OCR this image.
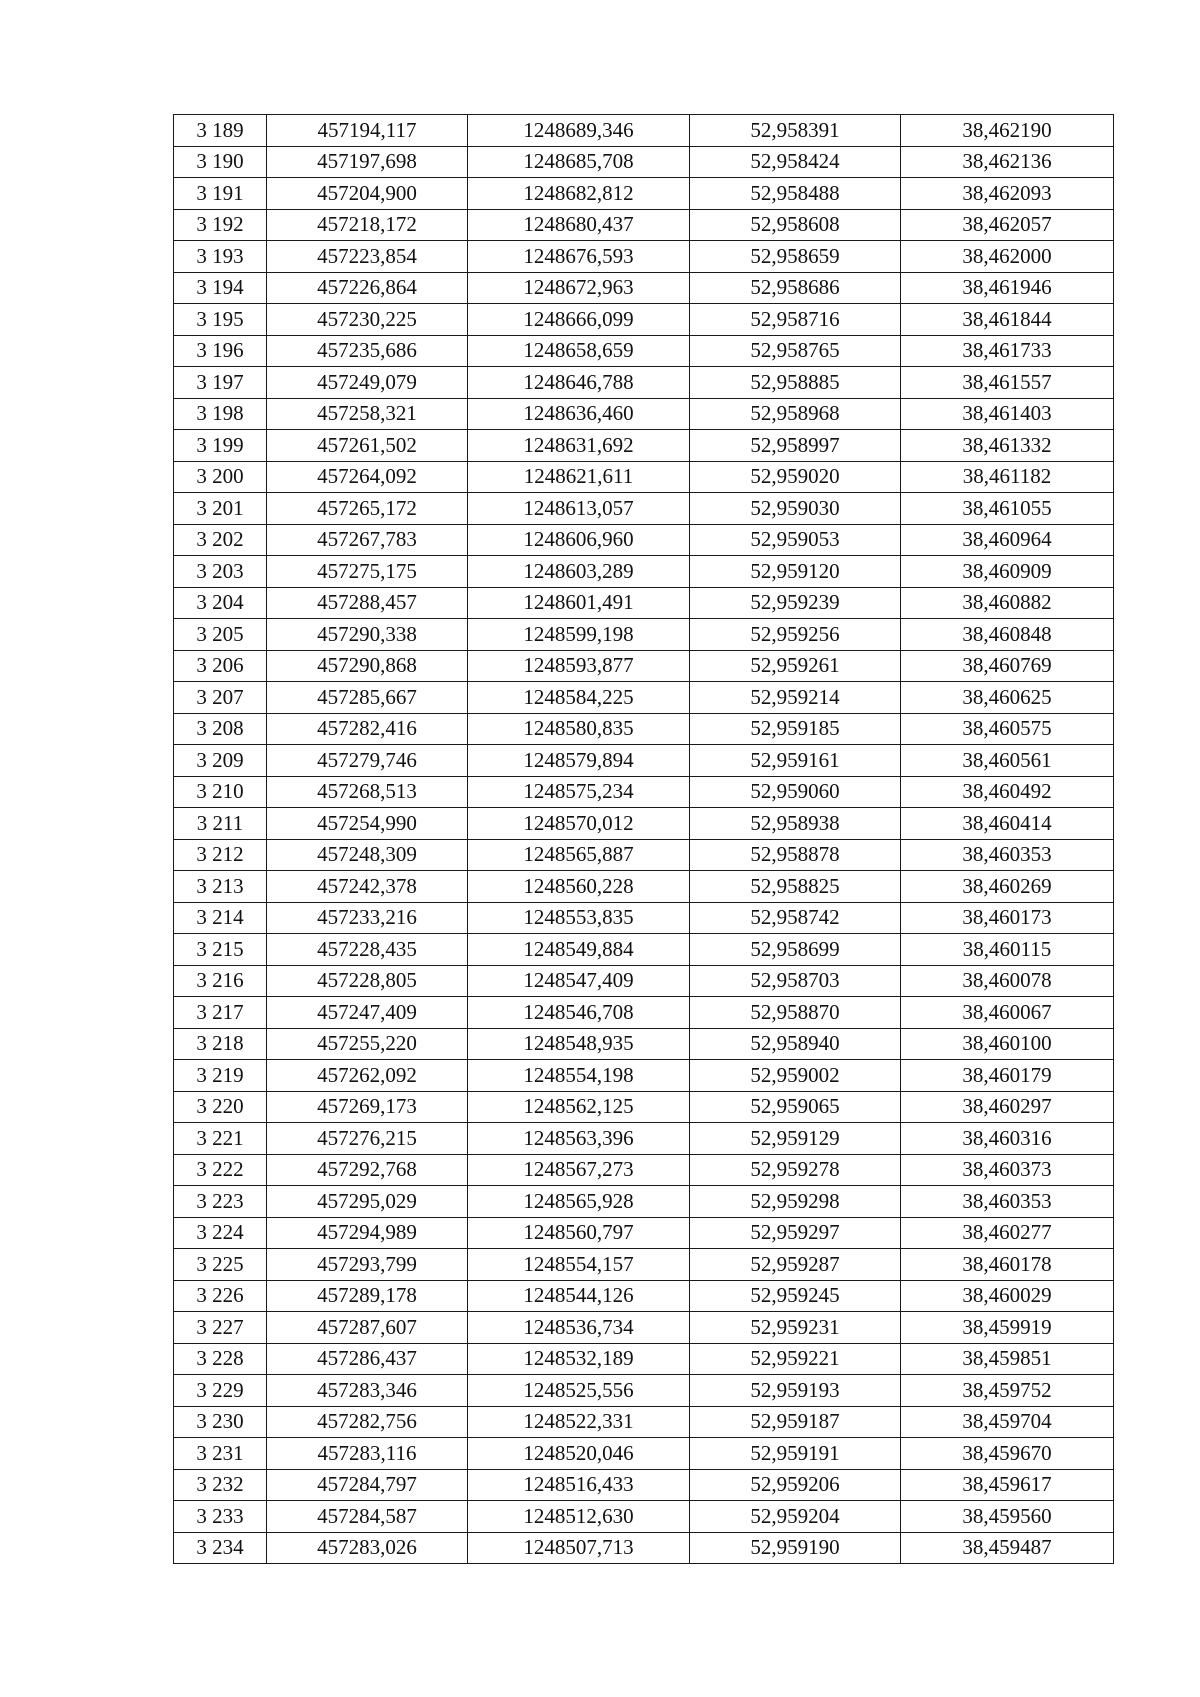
3 189	457194,117	1248689,346	52,958391	38,462190
3 190	457197,698	1248685,708	52,958424	38,462136
3 191	457204,900	1248682,812	52,958488	38,462093
3 192	457218,172	1248680,437	52,958608	38,462057
3 193	457223,854	1248676,593	52,958659	38,462000
3 194	457226,864	1248672,963	52,958686	38,461946
3 195	457230,225	1248666,099	52,958716	38,461844
3 196	457235,686	1248658,659	52,958765	38,461733
3 197	457249,079	1248646,788	52,958885	38,461557
3 198	457258,321	1248636,460	52,958968	38,461403
3 199	457261,502	1248631,692	52,958997	38,461332
3 200	457264,092	1248621,611	52,959020	38,461182
3 201	457265,172	1248613,057	52,959030	38,461055
3 202	457267,783	1248606,960	52,959053	38,460964
3 203	457275,175	1248603,289	52,959120	38,460909
3 204	457288,457	1248601,491	52,959239	38,460882
3 205	457290,338	1248599,198	52,959256	38,460848
3 206	457290,868	1248593,877	52,959261	38,460769
3 207	457285,667	1248584,225	52,959214	38,460625
3 208	457282,416	1248580,835	52,959185	38,460575
3 209	457279,746	1248579,894	52,959161	38,460561
3 210	457268,513	1248575,234	52,959060	38,460492
3 211	457254,990	1248570,012	52,958938	38,460414
3 212	457248,309	1248565,887	52,958878	38,460353
3 213	457242,378	1248560,228	52,958825	38,460269
3 214	457233,216	1248553,835	52,958742	38,460173
3 215	457228,435	1248549,884	52,958699	38,460115
3 216	457228,805	1248547,409	52,958703	38,460078
3 217	457247,409	1248546,708	52,958870	38,460067
3 218	457255,220	1248548,935	52,958940	38,460100
3 219	457262,092	1248554,198	52,959002	38,460179
3 220	457269,173	1248562,125	52,959065	38,460297
3 221	457276,215	1248563,396	52,959129	38,460316
3 222	457292,768	1248567,273	52,959278	38,460373
3 223	457295,029	1248565,928	52,959298	38,460353
3 224	457294,989	1248560,797	52,959297	38,460277
3 225	457293,799	1248554,157	52,959287	38,460178
3 226	457289,178	1248544,126	52,959245	38,460029
3 227	457287,607	1248536,734	52,959231	38,459919
3 228	457286,437	1248532,189	52,959221	38,459851
3 229	457283,346	1248525,556	52,959193	38,459752
3 230	457282,756	1248522,331	52,959187	38,459704
3 231	457283,116	1248520,046	52,959191	38,459670
3 232	457284,797	1248516,433	52,959206	38,459617
3 233	457284,587	1248512,630	52,959204	38,459560
3 234	457283,026	1248507,713	52,959190	38,459487
